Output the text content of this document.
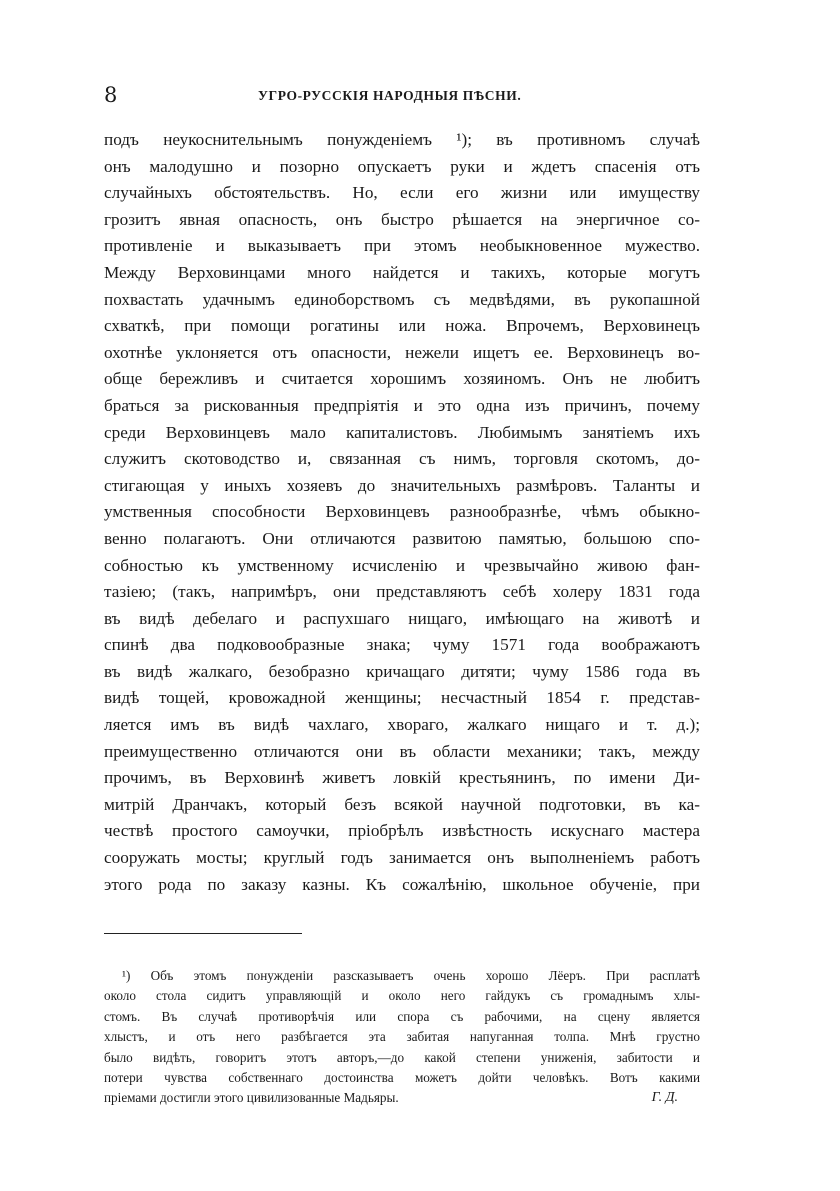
8	УГРО-РУССКІЯ НАРОДНЫЯ ПѢСНИ.
подъ неукоснительнымъ понужденіемъ ¹); въ противномъ случаѣ
онъ малодушно и позорно опускаетъ руки и ждетъ спасенія отъ
случайныхъ обстоятельствъ. Но, если его жизни или имуществу
грозитъ явная опасность, онъ быстро рѣшается на энергичное со-
противленіе и выказываетъ при этомъ необыкновенное мужество.
Между Верховинцами много найдется и такихъ, которые могутъ
похвастать удачнымъ единоборствомъ съ медвѣдями, въ рукопашной
схваткѣ, при помощи рогатины или ножа. Впрочемъ, Верховинецъ
охотнѣе уклоняется отъ опасности, нежели ищетъ ее. Верховинецъ во-
обще бережливъ и считается хорошимъ хозяиномъ. Онъ не любитъ
браться за рискованныя предпріятія и это одна изъ причинъ, почему
среди Верховинцевъ мало капиталистовъ. Любимымъ занятіемъ ихъ
служитъ скотоводство и, связанная съ нимъ, торговля скотомъ, до-
стигающая у иныхъ хозяевъ до значительныхъ размѣровъ. Таланты и
умственныя способности Верховинцевъ разнообразнѣе, чѣмъ обыкно-
венно полагаютъ. Они отличаются развитою памятью, большою спо-
собностью къ умственному исчисленію и чрезвычайно живою фан-
тазіею; (такъ, напримѣръ, они представляютъ себѣ холеру 1831 года
въ видѣ дебелаго и распухшаго нищаго, имѣющаго на животѣ и
спинѣ два подковообразные знака; чуму 1571 года воображаютъ
въ видѣ жалкаго, безобразно кричащаго дитяти; чуму 1586 года въ
видѣ тощей, кровожадной женщины; несчастный 1854 г. представ-
ляется имъ въ видѣ чахлаго, хвораго, жалкаго нищаго и т. д.);
преимущественно отличаются они въ области механики; такъ, между
прочимъ, въ Верховинѣ живетъ ловкій крестьянинъ, по имени Ди-
митрій Дранчакъ, который безъ всякой научной подготовки, въ ка-
чествѣ простого самоучки, пріобрѣлъ извѣстность искуснаго мастера
сооружать мосты; круглый годъ занимается онъ выполненіемъ работъ
этого рода по заказу казны. Къ сожалѣнію, школьное обученіе, при
¹) Объ этомъ понужденіи разсказываетъ очень хорошо Лёеръ. При расплатѣ
около стола сидитъ управляющій и около него гайдукъ съ громаднымъ хлы-
стомъ. Въ случаѣ противорѣчія или спора съ рабочими, на сцену является
хлыстъ, и отъ него разбѣгается эта забитая напуганная толпа. Мнѣ грустно
было видѣть, говоритъ этотъ авторъ,—до какой степени униженія, забитости и
потери чувства собственнаго достоинства можетъ дойти человѣкъ. Вотъ какими
пріемами достигли этого цивилизованные Мадьяры.	Г. Д.
